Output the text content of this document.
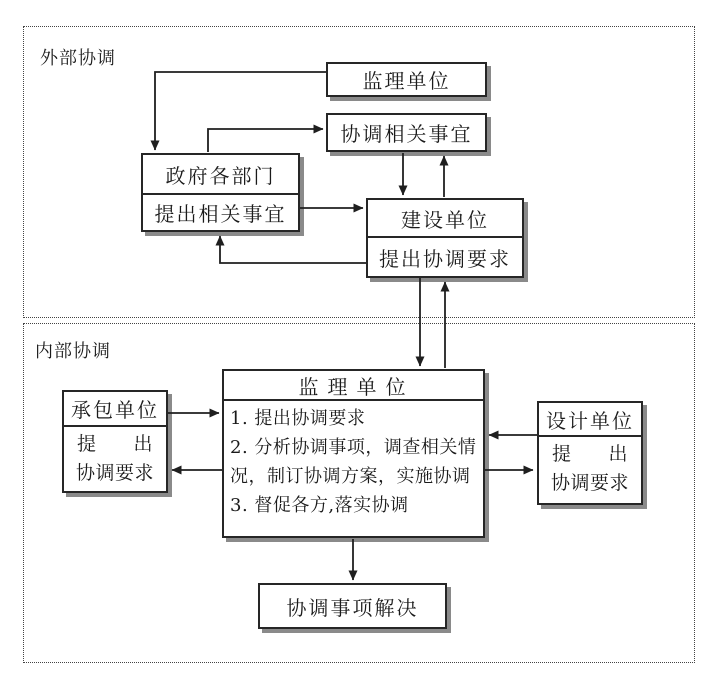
外部协调
内部协调
监理单位
协调相关事宜
政府各部门
提出相关事宜	建设单位
提出协调要求
承包单位
提 出
协调要求
监理单位
1. 提出协调要求
2. 分析协调事项，调查相关情况，制订协调方案，实施协调
3. 督促各方,落实协调
设计单位
提 出
协调要求
协调事项解决
